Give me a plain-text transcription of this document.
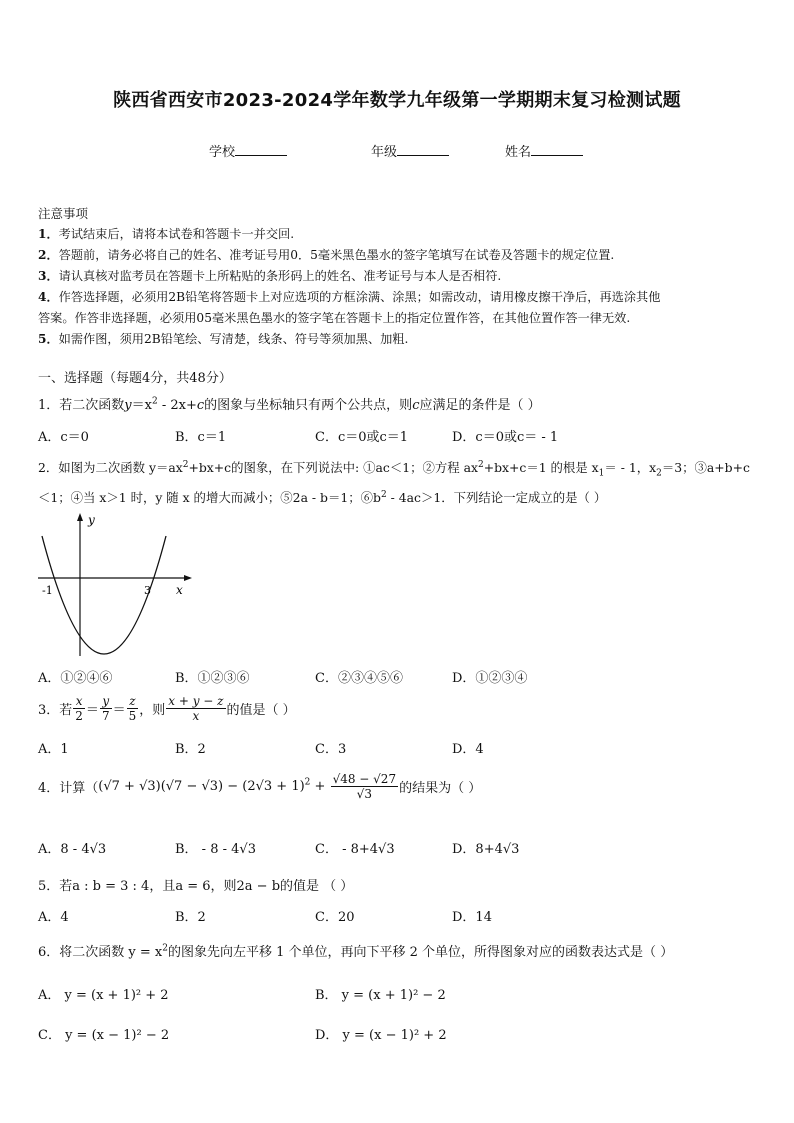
陕西省西安市2023-2024学年数学九年级第一学期期末复习检测试题
学校	年级	姓名
注意事项
1．考试结束后，请将本试卷和答题卡一并交回.
2．答题前，请务必将自己的姓名、准考证号用0．5毫米黑色墨水的签字笔填写在试卷及答题卡的规定位置.
3．请认真核对监考员在答题卡上所粘贴的条形码上的姓名、准考证号与本人是否相符.
4．作答选择题，必须用2B铅笔将答题卡上对应选项的方框涂满、涂黑；如需改动，请用橡皮擦干净后，再选涂其他
答案。作答非选择题，必须用05毫米黑色墨水的签字笔在答题卡上的指定位置作答，在其他位置作答一律无效.
5．如需作图，须用2B铅笔绘、写清楚，线条、符号等须加黑、加粗.
一、选择题（每题4分，共48分）
1．若二次函数$y=x^2 - 2x+c$的图象与坐标轴只有两个公共点，则c应满足的条件是（ ）
A．c＝0	B．c＝1	C．c＝0或c＝1	D．c＝0或c＝ - 1
2．如图为二次函数 $y=ax^2+bx+c$的图象，在下列说法中: ①ac＜1；②方程 $ax^2+bx+c=1$ 的根是 $x_1= - 1$，$x_2=3$；③a+b+c
＜1；④当 x＞1 时，y 随 x 的增大而减小；⑤2a - b＝1；$⑥b^2 - 4ac>1$．下列结论一定成立的是（ ）
y
x
-1	3
A．①②④⑥	B．①②③⑥	C．②③④⑤⑥	D．①②③④
3．若 $\frac{x}{2} = \frac{y}{7} = \frac{z}{5}$ ，则 $\frac{x + y - z}{x}$的值是（ ）
A．1	B．2	C．3	D．4
4．计算（$(√7 + √3)(√7 - √3) - (2√3 + 1)^2 + \frac{√48 - √27}{√3}$ 的结果为（ ）
A．8 - 4√3	B． - 8 - 4√3	C． - 8+4√3	D．8+4√3
5．若a : b = 3 : 4，且a = 6，则2a − b的值是 （ ）
A．4	B．2	C．20	D．14
6．将二次函数 $y = x^2$的图象先向左平移 1 个单位，再向下平移 2 个单位，所得图象对应的函数表达式是（ ）
A． y = (x + 1)² + 2	B． y = (x + 1)² − 2
C． y = (x − 1)² − 2	D． y = (x − 1)² + 2
